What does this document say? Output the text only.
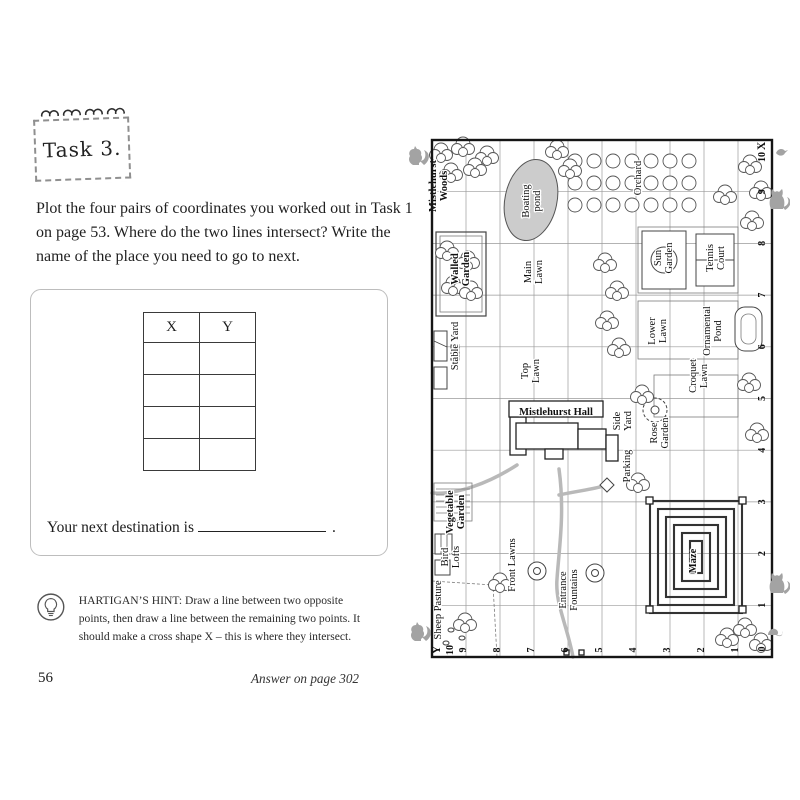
Task 3.

Plot the four pairs of coordinates you worked out in Task 1 on page 53. Where do the two lines intersect? Write the name of the place you need to go to next.

X	Y

Your next destination is	.
HARTIGAN’S HINT: Draw a line between two opposite points, then draw a line between the remaining two points. It should make a cross shape X – this is where they intersect.
56	Answer on page 302
MistlehurstWoods	Boatingpond
Orchard
WalledGarden	MainLawn
SunGarden	TennisCourt
Stable Yard	LowerLawn	OrnamentalPond
TopLawn
Mistlehurst Hall SideYard
CroquetLawn
RoseGarden
Parking
VegetableGarden
BirdLofts	Front Lawns	EntranceFountains
Sheep Pasture
Maze
0
1
2
3
4
5
6
7
8
9
10
X
1
2
3
4
5
6
7
8
9
10
Y
